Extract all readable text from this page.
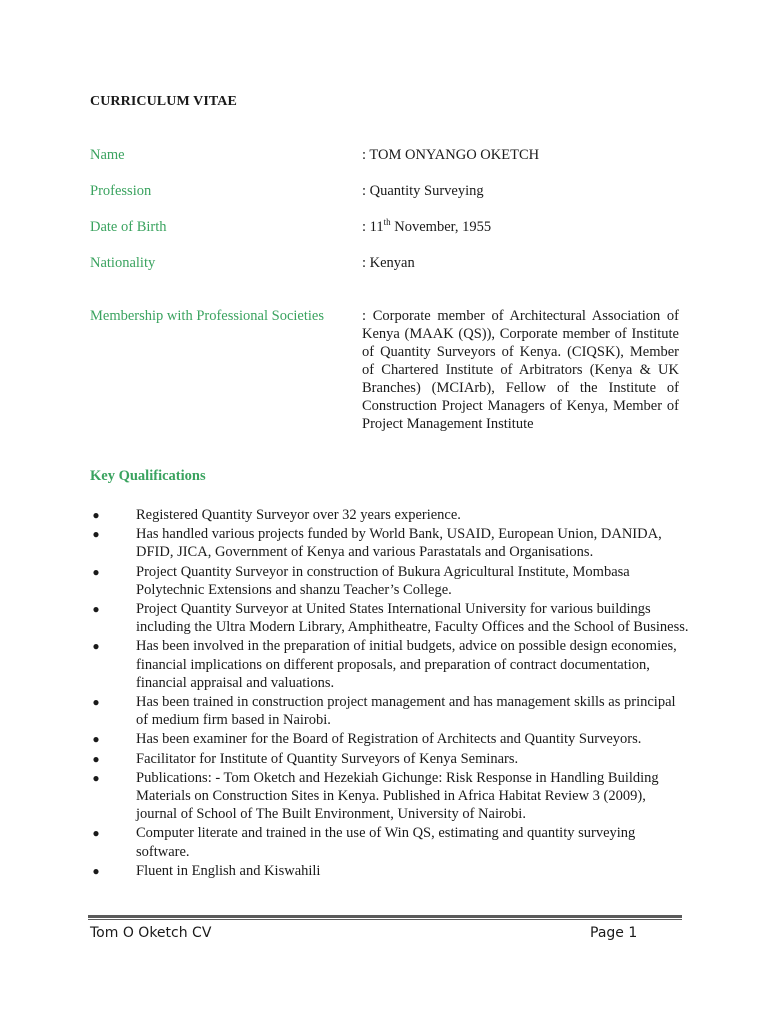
CURRICULUM VITAE
Name	: TOM ONYANGO OKETCH
Profession	: Quantity Surveying
Date of Birth	: 11th November, 1955
Nationality	: Kenyan
Membership with Professional Societies	: Corporate member of Architectural Association of Kenya (MAAK (QS)), Corporate member of Institute of Quantity Surveyors of Kenya. (CIQSK), Member of Chartered Institute of Arbitrators (Kenya & UK Branches) (MCIArb), Fellow of the Institute of Construction Project Managers of Kenya, Member of Project Management Institute
Key Qualifications
●	Registered Quantity Surveyor over 32 years experience.
●	Has handled various projects funded by World Bank, USAID, European Union, DANIDA, DFID, JICA, Government of Kenya and various Parastatals and Organisations.
●	Project Quantity Surveyor in construction of Bukura Agricultural Institute, Mombasa Polytechnic Extensions and shanzu Teacher’s College.
●	Project Quantity Surveyor at United States International University for various buildings including the Ultra Modern Library, Amphitheatre, Faculty Offices and the School of Business.
●	Has been involved in the preparation of initial budgets, advice on possible design economies, financial implications on different proposals, and preparation of contract documentation, financial appraisal and valuations.
●	Has been trained in construction project management and has management skills as principal of medium firm based in Nairobi.
●	Has been examiner for the Board of Registration of Architects and Quantity Surveyors.
●	Facilitator for Institute of Quantity Surveyors of Kenya Seminars.
●	Publications: - Tom Oketch and Hezekiah Gichunge: Risk Response in Handling Building Materials on Construction Sites in Kenya. Published in Africa Habitat Review 3 (2009), journal of School of The Built Environment, University of Nairobi.
●	Computer literate and trained in the use of Win QS, estimating and quantity surveying software.
●	Fluent in English and Kiswahili
Tom O Oketch CV	Page 1
